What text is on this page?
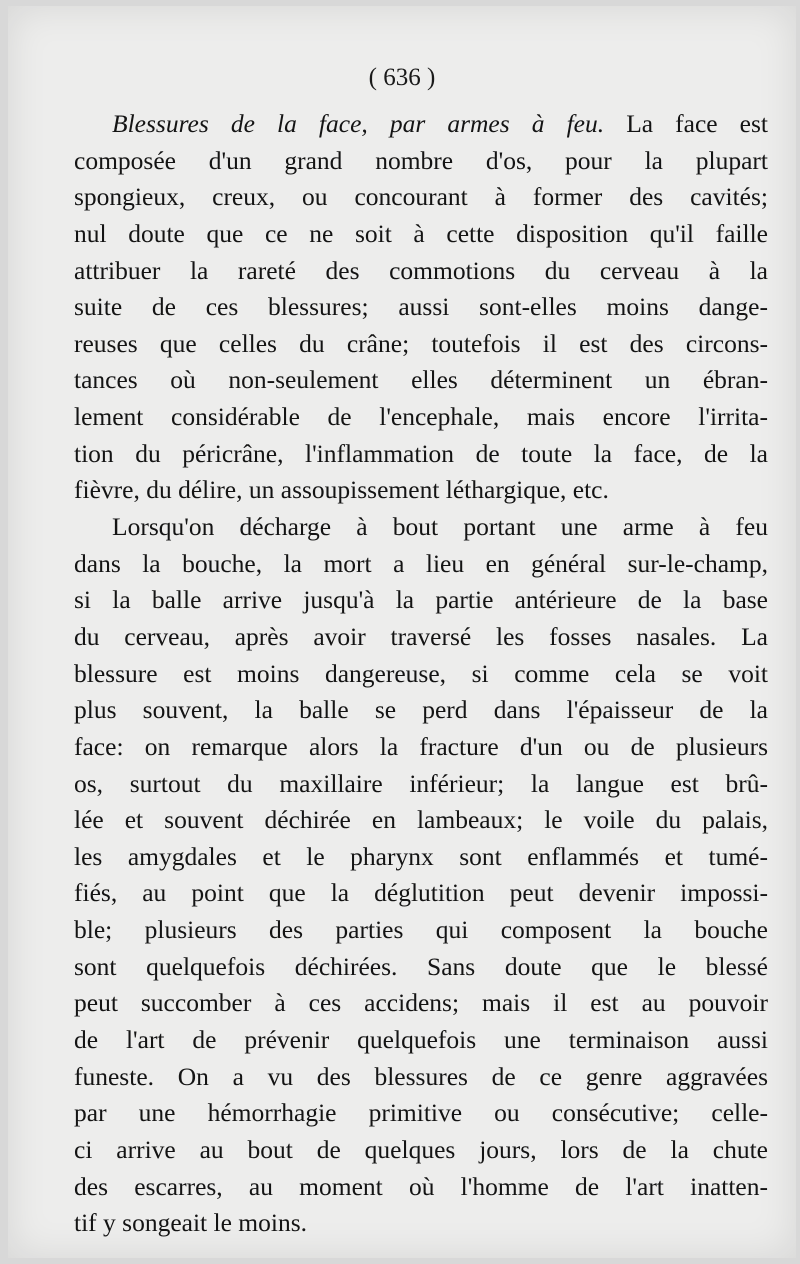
( 636 )
Blessures de la face, par armes à feu. La face est
composée d'un grand nombre d'os, pour la plupart
spongieux, creux, ou concourant à former des cavités;
nul doute que ce ne soit à cette disposition qu'il faille
attribuer la rareté des commotions du cerveau à la
suite de ces blessures; aussi sont-elles moins dange-
reuses que celles du crâne; toutefois il est des circons-
tances où non-seulement elles déterminent un ébran-
lement considérable de l'encephale, mais encore l'irrita-
tion du péricrâne, l'inflammation de toute la face, de la
fièvre, du délire, un assoupissement léthargique, etc.
Lorsqu'on décharge à bout portant une arme à feu
dans la bouche, la mort a lieu en général sur-le-champ,
si la balle arrive jusqu'à la partie antérieure de la base
du cerveau, après avoir traversé les fosses nasales. La
blessure est moins dangereuse, si comme cela se voit
plus souvent, la balle se perd dans l'épaisseur de la
face: on remarque alors la fracture d'un ou de plusieurs
os, surtout du maxillaire inférieur; la langue est brû-
lée et souvent déchirée en lambeaux; le voile du palais,
les amygdales et le pharynx sont enflammés et tumé-
fiés, au point que la déglutition peut devenir impossi-
ble; plusieurs des parties qui composent la bouche
sont quelquefois déchirées. Sans doute que le blessé
peut succomber à ces accidens; mais il est au pouvoir
de l'art de prévenir quelquefois une terminaison aussi
funeste. On a vu des blessures de ce genre aggravées
par une hémorrhagie primitive ou consécutive; celle-
ci arrive au bout de quelques jours, lors de la chute
des escarres, au moment où l'homme de l'art inatten-
tif y songeait le moins.
